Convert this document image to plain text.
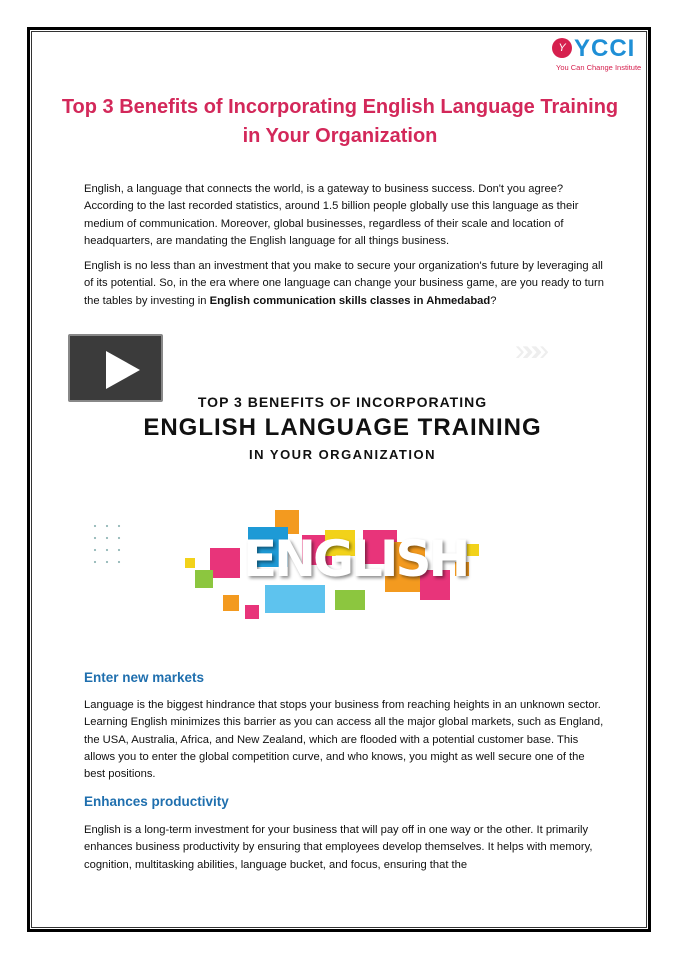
Y YCCI
You Can Change Institute
Top 3 Benefits of Incorporating English Language Training in Your Organization

English, a language that connects the world, is a gateway to business success. Don't you agree? According to the last recorded statistics, around 1.5 billion people globally use this language as their medium of communication. Moreover, global businesses, regardless of their scale and location of headquarters, are mandating the English language for all things business.

English is no less than an investment that you make to secure your organization's future by leveraging all of its potential. So, in the era where one language can change your business game, are you ready to turn the tables by investing in English communication skills classes in Ahmedabad?

»»»
TOP 3 BENEFITS OF INCORPORATING
ENGLISH LANGUAGE TRAINING
IN YOUR ORGANIZATION
ENGLISH
Enter new markets

Language is the biggest hindrance that stops your business from reaching heights in an unknown sector. Learning English minimizes this barrier as you can access all the major global markets, such as England, the USA, Australia, Africa, and New Zealand, which are flooded with a potential customer base. This allows you to enter the global competition curve, and who knows, you might as well secure one of the best positions.

Enhances productivity

English is a long-term investment for your business that will pay off in one way or the other. It primarily enhances business productivity by ensuring that employees develop themselves. It helps with memory, cognition, multitasking abilities, language bucket, and focus, ensuring that the
